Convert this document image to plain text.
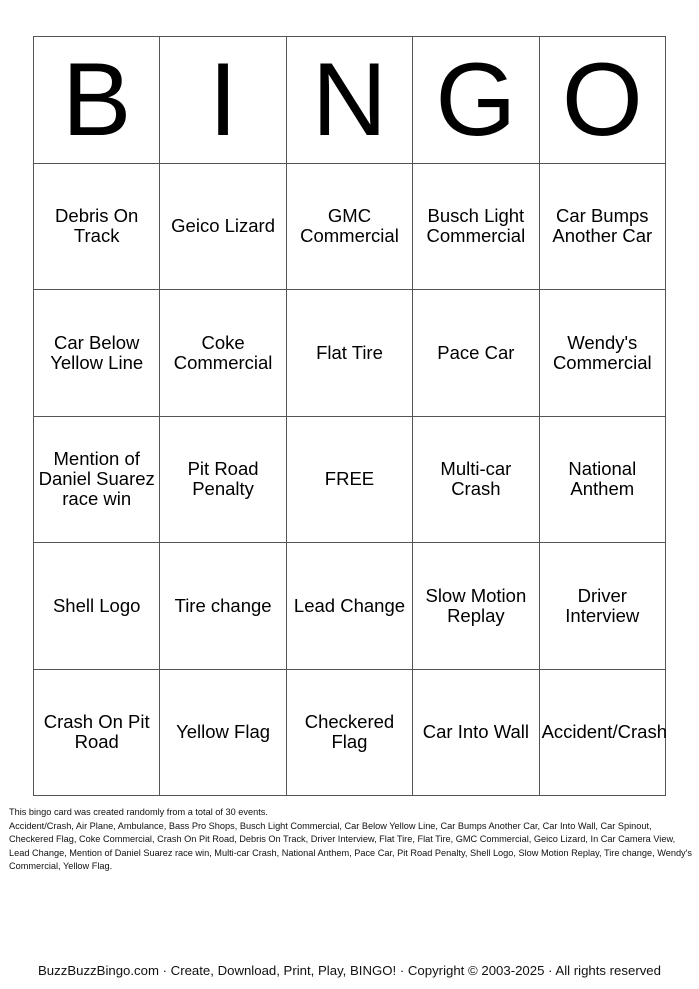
B	I	N	G	O
Debris On Track	Geico Lizard	GMC Commercial	Busch Light Commercial	Car Bumps Another Car
Car Below Yellow Line	Coke Commercial	Flat Tire	Pace Car	Wendy's Commercial
Mention of Daniel Suarez race win	Pit Road Penalty	FREE	Multi-car Crash	National Anthem
Shell Logo	Tire change	Lead Change	Slow Motion Replay	Driver Interview
Crash On Pit Road	Yellow Flag	Checkered Flag	Car Into Wall	Accident/Crash
This bingo card was created randomly from a total of 30 events.
Accident/Crash, Air Plane, Ambulance, Bass Pro Shops, Busch Light Commercial, Car Below Yellow Line, Car Bumps Another Car, Car Into Wall, Car Spinout, Checkered Flag, Coke Commercial, Crash On Pit Road, Debris On Track, Driver Interview, Flat Tire, Flat Tire, GMC Commercial, Geico Lizard, In Car Camera View, Lead Change, Mention of Daniel Suarez race win, Multi-car Crash, National Anthem, Pace Car, Pit Road Penalty, Shell Logo, Slow Motion Replay, Tire change, Wendy's Commercial, Yellow Flag.
BuzzBuzzBingo.com · Create, Download, Print, Play, BINGO! · Copyright © 2003-2025 · All rights reserved
